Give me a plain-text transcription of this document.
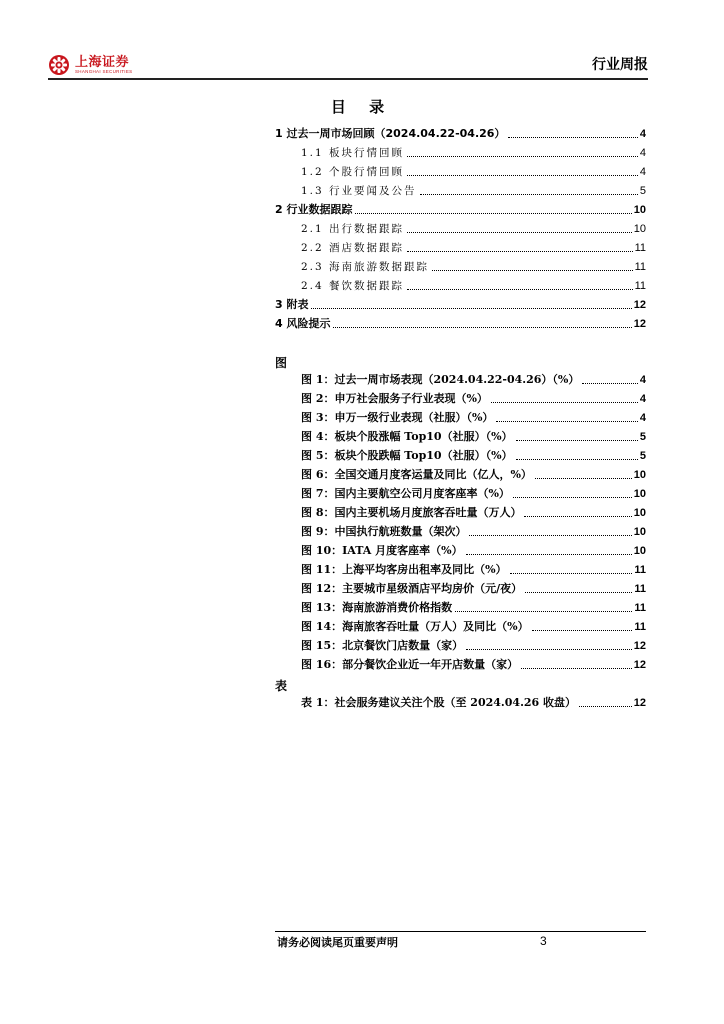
上海证券
SHANGHAI SECURITIES	行业周报
目 录
1 过去一周市场回顾（2024.04.22-04.26）	4
1.1 板块行情回顾	4
1.2 个股行情回顾	4
1.3 行业要闻及公告	5
2 行业数据跟踪	10
2.1 出行数据跟踪	10
2.2 酒店数据跟踪	11
2.3 海南旅游数据跟踪	11
2.4 餐饮数据跟踪	11
3 附表	12
4 风险提示	12
图
图 1：过去一周市场表现（2024.04.22-04.26）（%）	4
图 2：申万社会服务子行业表现（%）	4
图 3：申万一级行业表现（社服）（%）	4
图 4：板块个股涨幅 Top10（社服）（%）	5
图 5：板块个股跌幅 Top10（社服）（%）	5
图 6：全国交通月度客运量及同比（亿人，%）	10
图 7：国内主要航空公司月度客座率（%）	10
图 8：国内主要机场月度旅客吞吐量（万人）	10
图 9：中国执行航班数量（架次）	10
图 10：IATA 月度客座率（%）	10
图 11：上海平均客房出租率及同比（%）	11
图 12：主要城市星级酒店平均房价（元/夜）	11
图 13：海南旅游消费价格指数	11
图 14：海南旅客吞吐量（万人）及同比（%）	11
图 15：北京餐饮门店数量（家）	12
图 16：部分餐饮企业近一年开店数量（家）	12
表
表 1：社会服务建议关注个股（至 2024.04.26 收盘）	12
请务必阅读尾页重要声明	3
